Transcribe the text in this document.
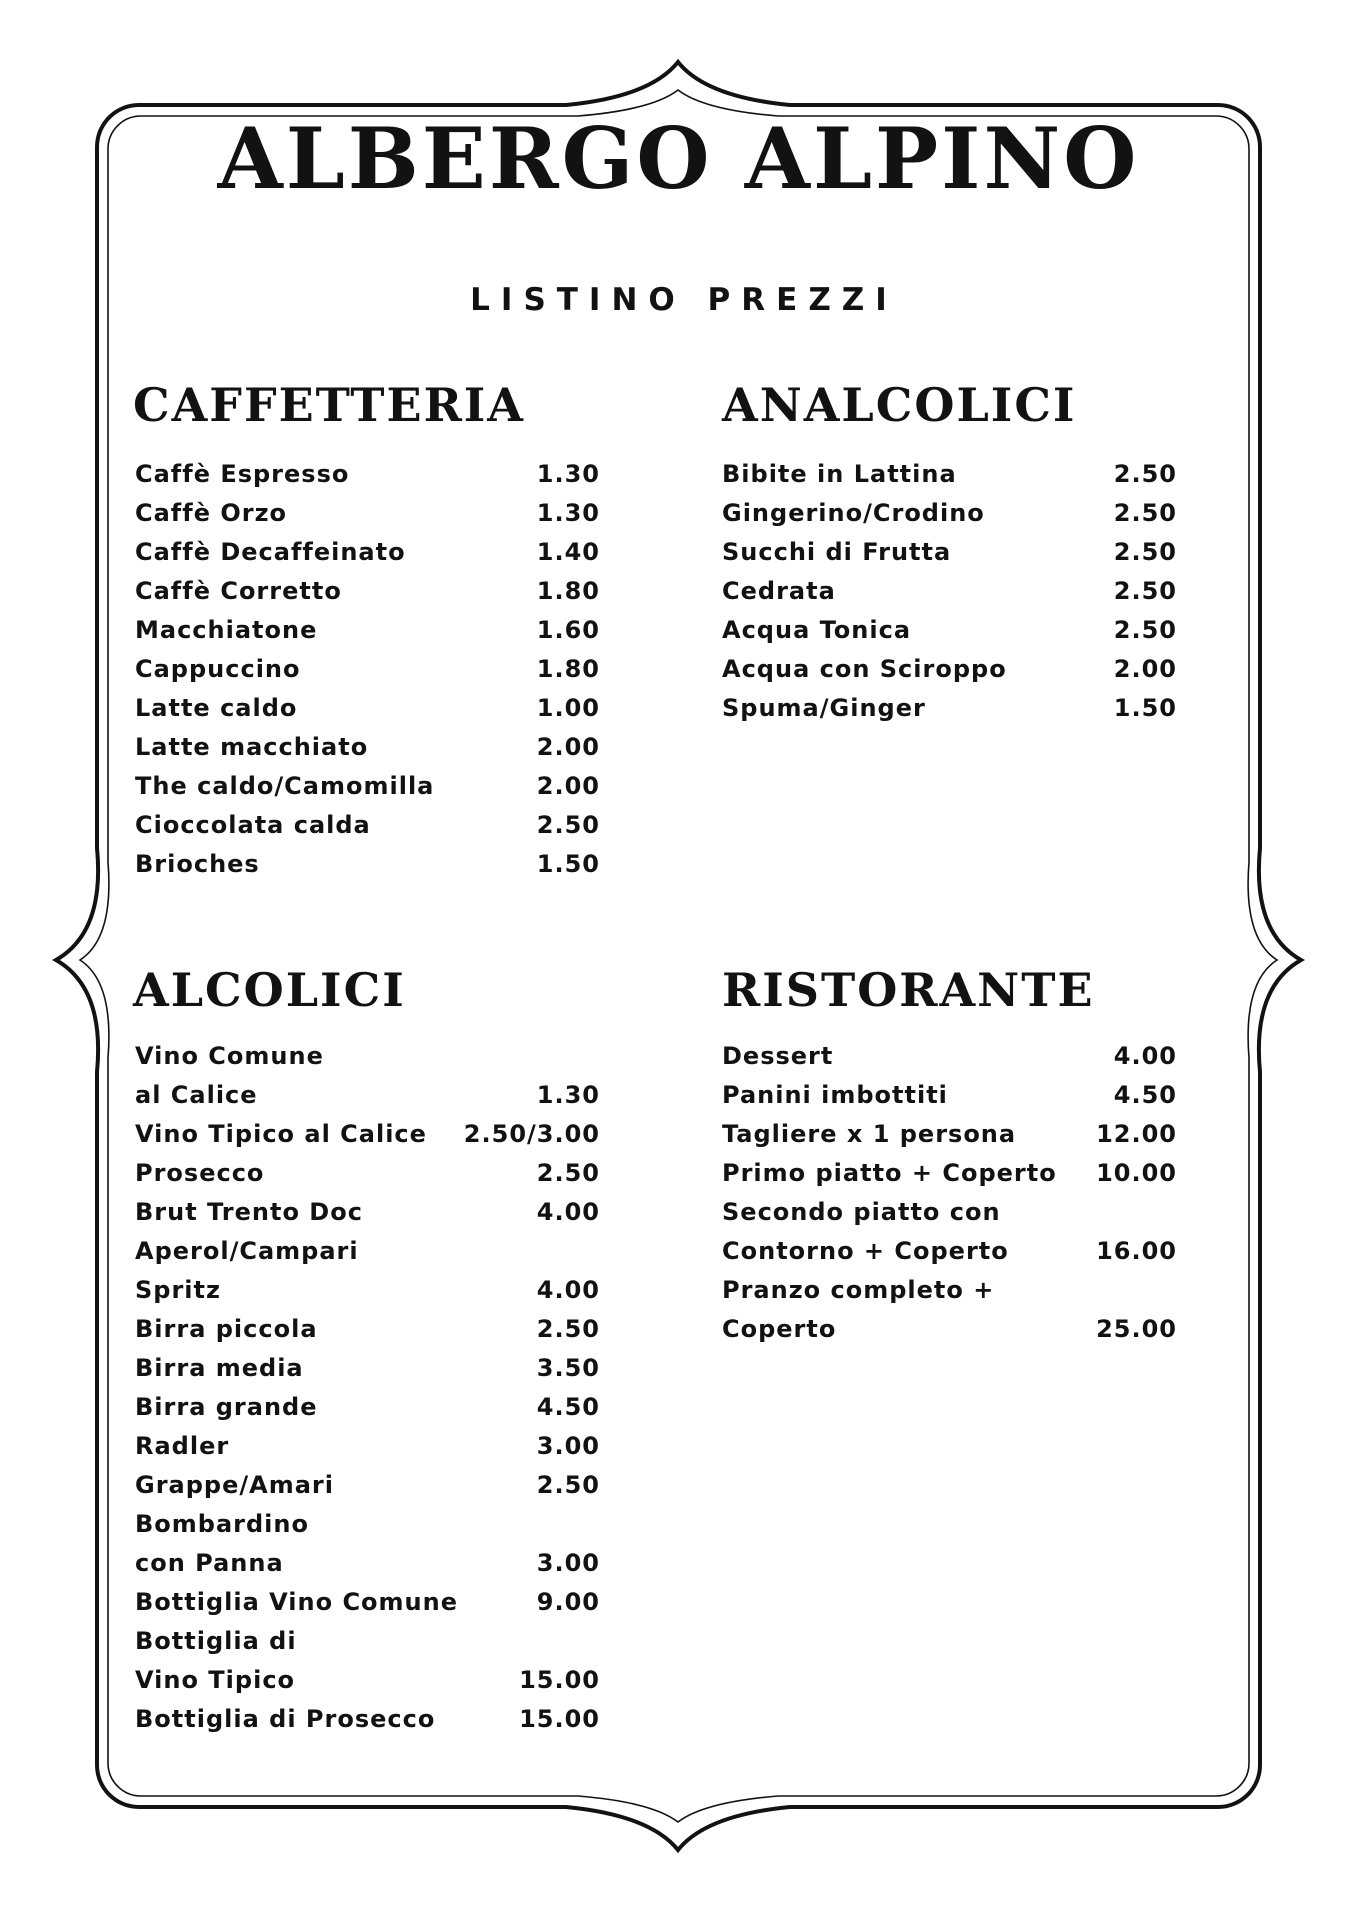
ALBERGO ALPINO
LISTINO PREZZI
CAFFETTERIA	ANALCOLICI
ALCOLICI	RISTORANTE
Caffè Espresso	1.30
Caffè Orzo	1.30
Caffè Decaffeinato	1.40
Caffè Corretto	1.80
Macchiatone	1.60
Cappuccino	1.80
Latte caldo	1.00
Latte macchiato	2.00
The caldo/Camomilla	2.00
Cioccolata calda	2.50
Brioches	1.50
Bibite in Lattina	2.50
Gingerino/Crodino	2.50
Succhi di Frutta	2.50
Cedrata	2.50
Acqua Tonica	2.50
Acqua con Sciroppo	2.00
Spuma/Ginger	1.50
Vino Comune
al Calice	1.30
Vino Tipico al Calice 2.50/3.00
Prosecco	2.50
Brut Trento Doc	4.00
Aperol/Campari
Spritz	4.00
Birra piccola	2.50
Birra media	3.50
Birra grande	4.50
Radler	3.00
Grappe/Amari	2.50
Bombardino
con Panna	3.00
Bottiglia Vino Comune	9.00
Bottiglia di
Vino Tipico	15.00
Bottiglia di Prosecco	15.00
Dessert	4.00
Panini imbottiti	4.50
Tagliere x 1 persona	12.00
Primo piatto + Coperto 10.00
Secondo piatto con
Contorno + Coperto	16.00
Pranzo completo +
Coperto	25.00
